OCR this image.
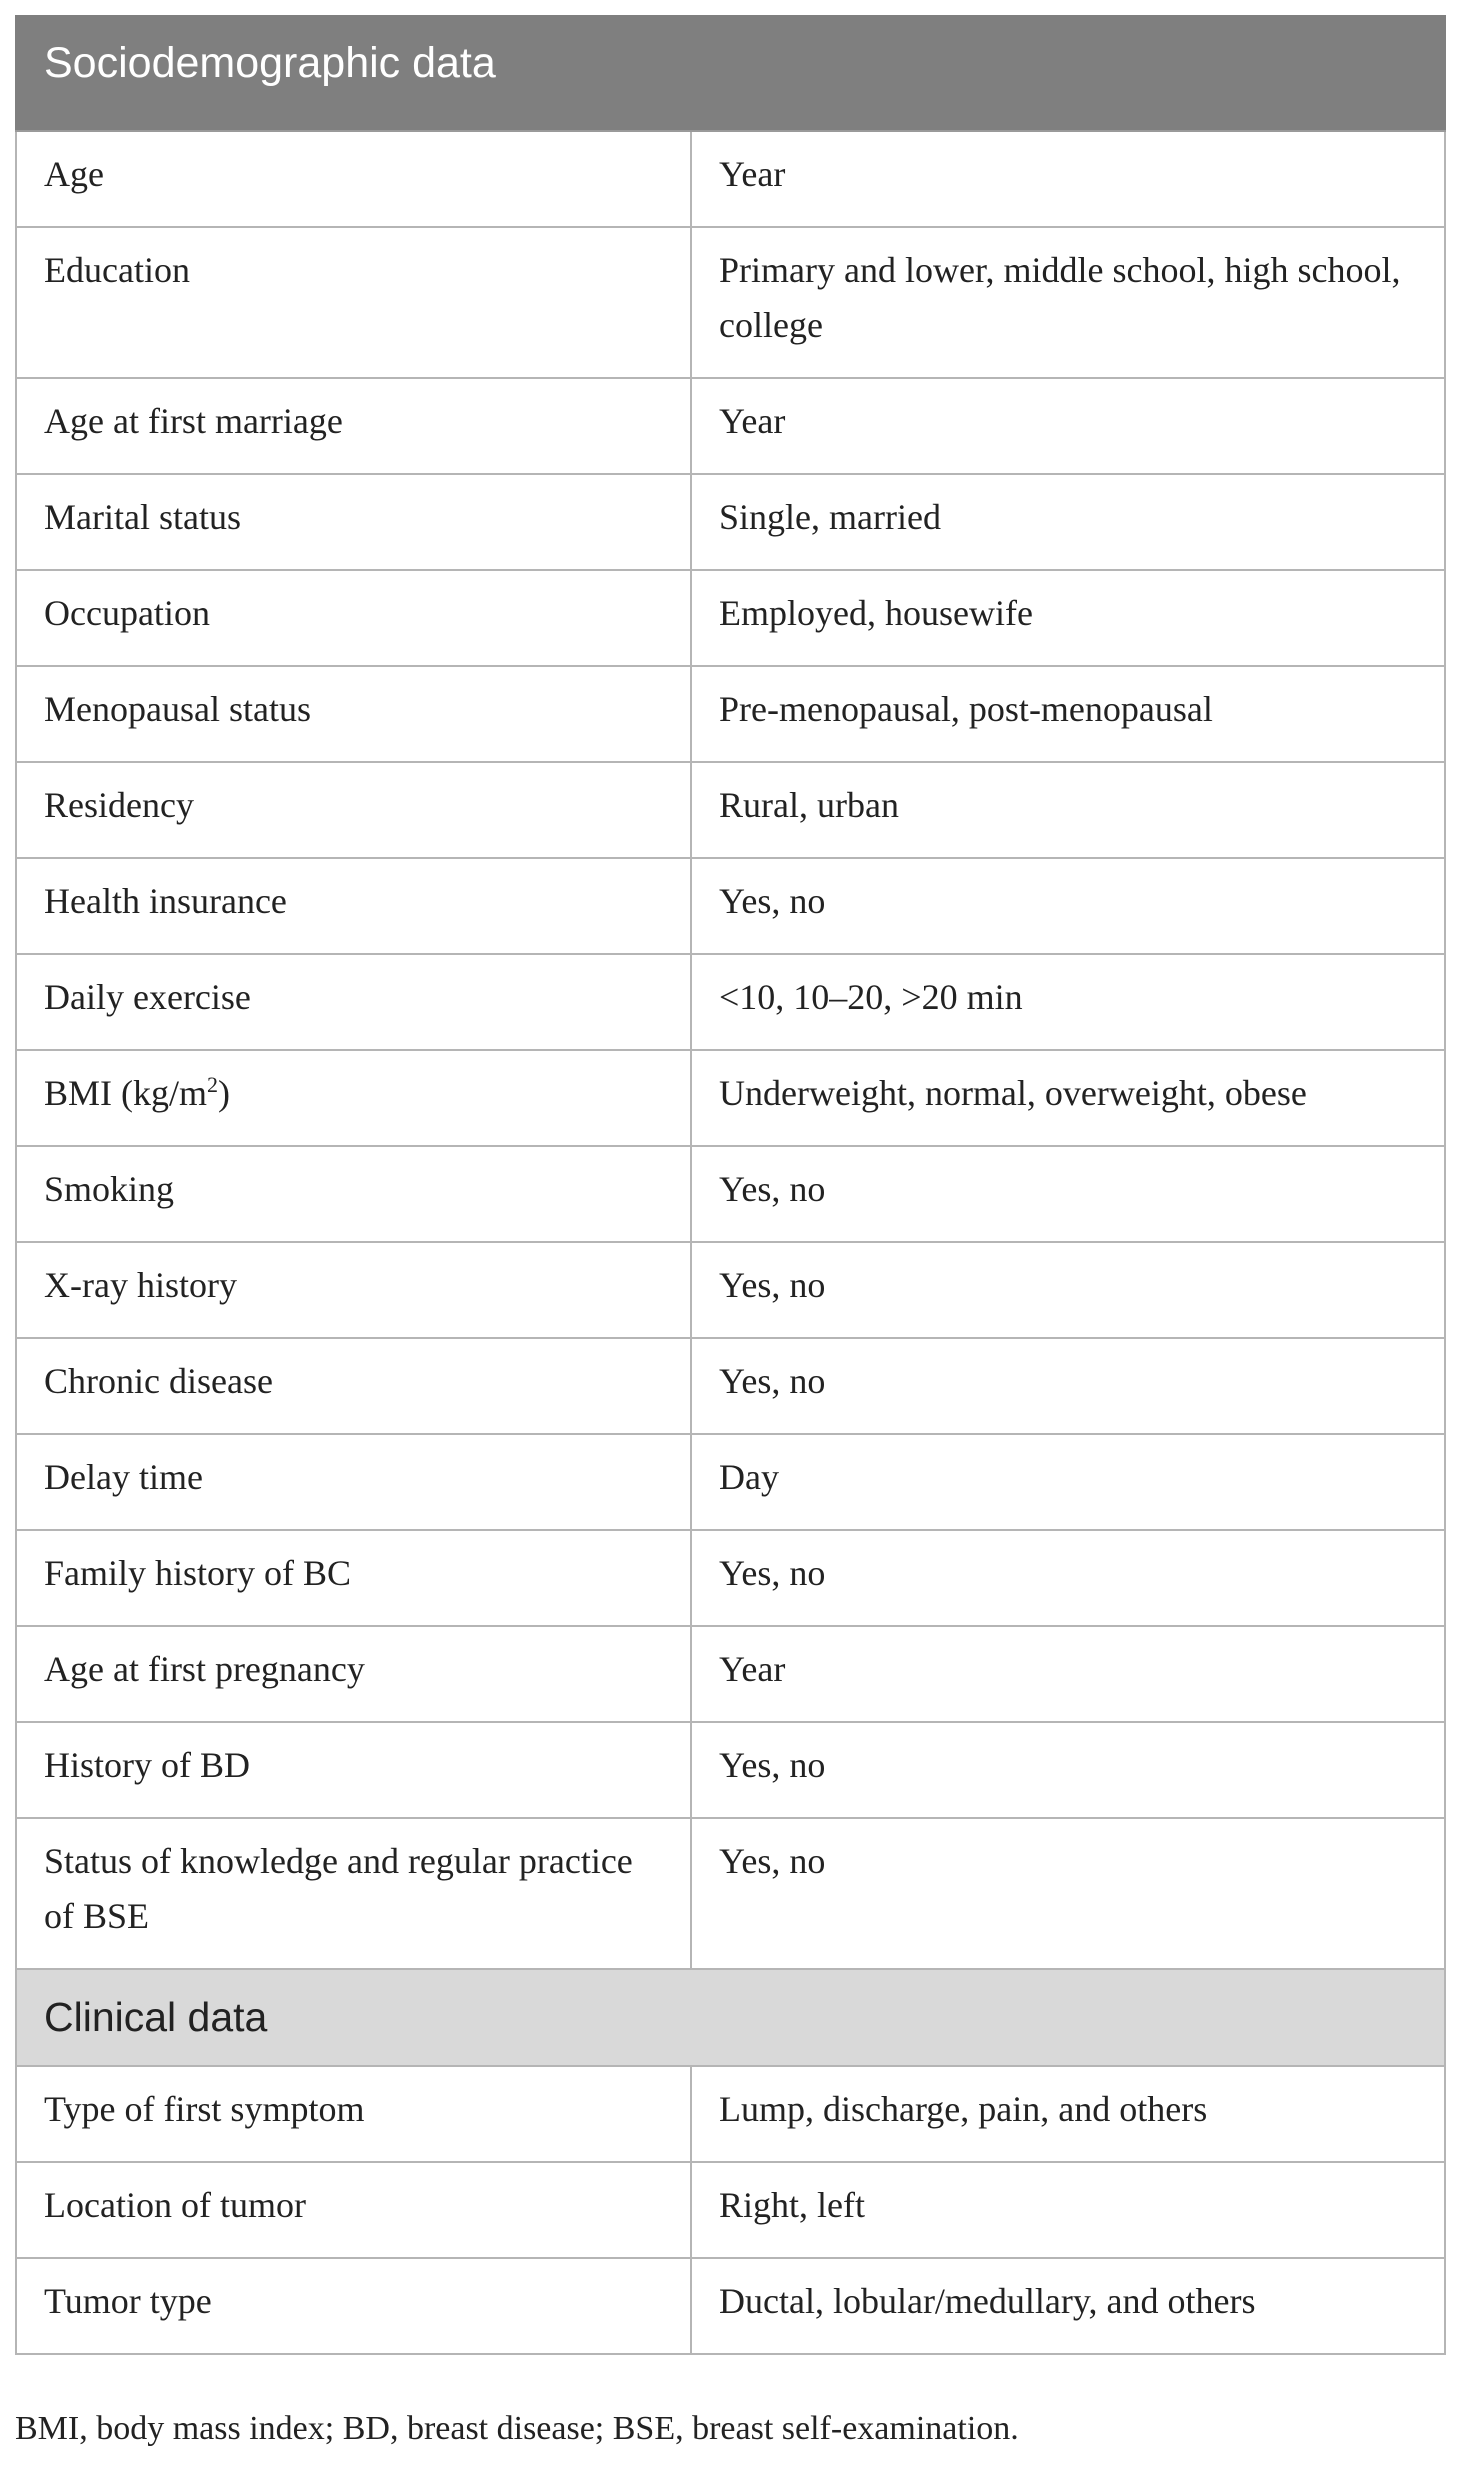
Sociodemographic data	
Age	Year
Education	Primary and lower, middle school, high school, college
Age at first marriage	Year
Marital status	Single, married
Occupation	Employed, housewife
Menopausal status	Pre-menopausal, post-menopausal
Residency	Rural, urban
Health insurance	Yes, no
Daily exercise	<10, 10–20, >20 min
BMI $(kg/m^2)$	Underweight, normal, overweight, obese
Smoking	Yes, no
X-ray history	Yes, no
Chronic disease	Yes, no
Delay time	Day
Family history of BC	Yes, no
Age at first pregnancy	Year
History of BD	Yes, no
Status of knowledge and regular practice of BSE	Yes, no
Clinical data	
Type of first symptom	Lump, discharge, pain, and others
Location of tumor	Right, left
Tumor type	Ductal, lobular/medullary, and others
BMI, body mass index; BD, breast disease; BSE, breast self-examination.
